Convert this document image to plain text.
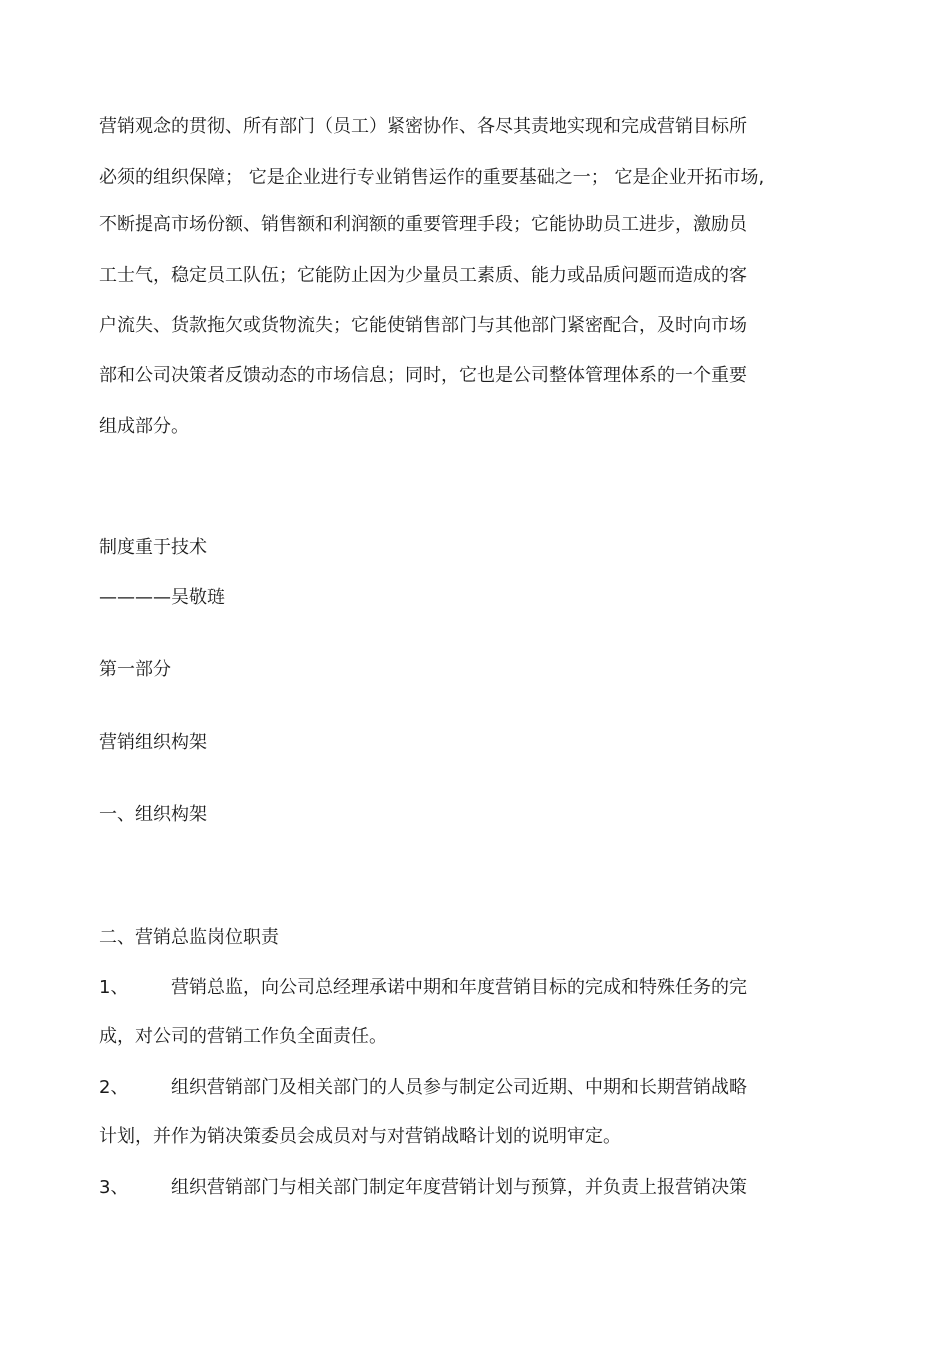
营销观念的贯彻、所有部门（员工）紧密协作、各尽其责地实现和完成营销目标所
必须的组织保障； 它是企业进行专业销售运作的重要基础之一； 它是企业开拓市场,
不断提高市场份额、销售额和利润额的重要管理手段；它能协助员工进步，激励员
工士气，稳定员工队伍；它能防止因为少量员工素质、能力或品质问题而造成的客
户流失、货款拖欠或货物流失；它能使销售部门与其他部门紧密配合，及时向市场
部和公司决策者反馈动态的市场信息；同时，它也是公司整体管理体系的一个重要
组成部分。
制度重于技术
————吴敬琏
第一部分
营销组织构架
一、组织构架
二、营销总监岗位职责
1、 营销总监，向公司总经理承诺中期和年度营销目标的完成和特殊任务的完
成，对公司的营销工作负全面责任。
2、 组织营销部门及相关部门的人员参与制定公司近期、中期和长期营销战略
计划，并作为销决策委员会成员对与对营销战略计划的说明审定。
3、 组织营销部门与相关部门制定年度营销计划与预算，并负责上报营销决策
